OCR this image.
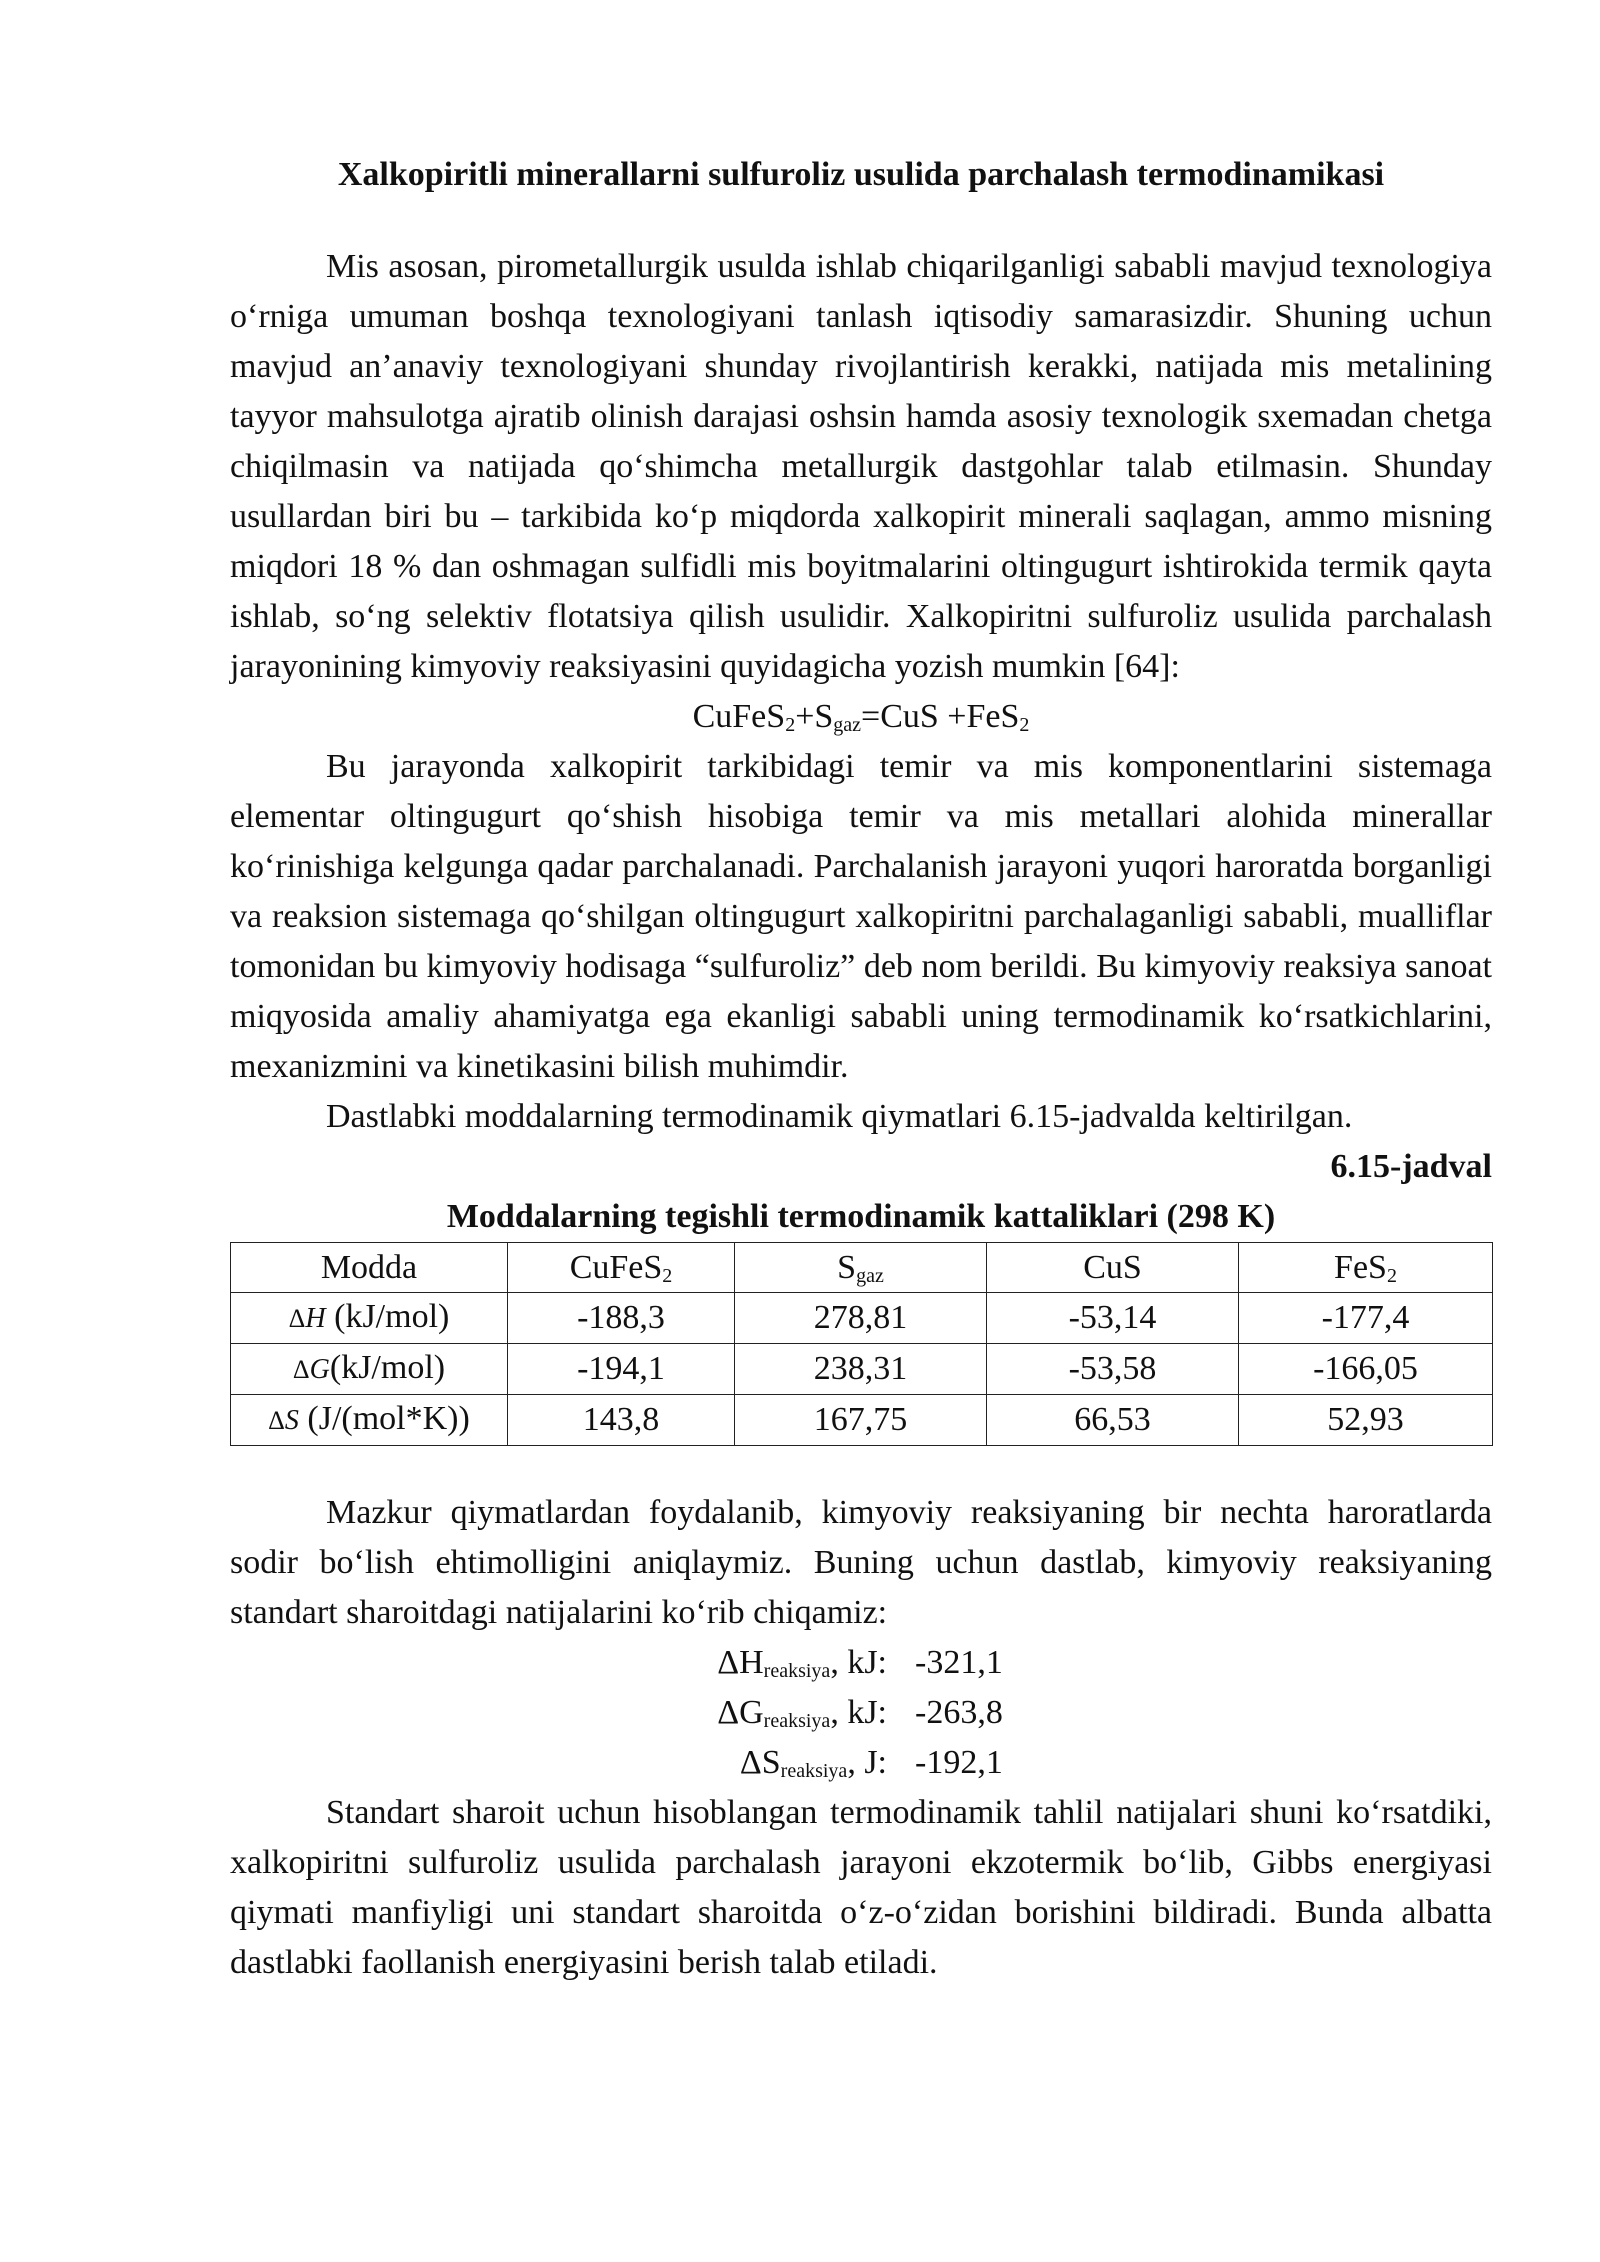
Xalkopiritli minerallarni sulfuroliz usulida parchalash termodinamikasi

Mis asosan, pirometallurgik usulda ishlab chiqarilganligi sababli mavjud texnologiya o‘rniga umuman boshqa texnologiyani tanlash iqtisodiy samarasizdir. Shuning uchun mavjud an’anaviy texnologiyani shunday rivojlantirish kerakki, natijada mis metalining tayyor mahsulotga ajratib olinish darajasi oshsin hamda asosiy texnologik sxemadan chetga chiqilmasin va natijada qo‘shimcha metallurgik dastgohlar talab etilmasin. Shunday usullardan biri bu – tarkibida ko‘p miqdorda xalkopirit minerali saqlagan, ammo misning miqdori 18 % dan oshmagan sulfidli mis boyitmalarini oltingugurt ishtirokida termik qayta ishlab, so‘ng selektiv flotatsiya qilish usulidir. Xalkopiritni sulfuroliz usulida parchalash jarayonining kimyoviy reaksiyasini quyidagicha yozish mumkin [64]:

$CuFeS_2+S_{gaz}=CuS +FeS_2$

Bu jarayonda xalkopirit tarkibidagi temir va mis komponentlarini sistemaga elementar oltingugurt qo‘shish hisobiga temir va mis metallari alohida minerallar ko‘rinishiga kelgunga qadar parchalanadi. Parchalanish jarayoni yuqori haroratda borganligi va reaksion sistemaga qo‘shilgan oltingugurt xalkopiritni parchalaganligi sababli, mualliflar tomonidan bu kimyoviy hodisaga “sulfuroliz” deb nom berildi. Bu kimyoviy reaksiya sanoat miqyosida amaliy ahamiyatga ega ekanligi sababli uning termodinamik ko‘rsatkichlarini, mexanizmini va kinetikasini bilish muhimdir.

Dastlabki moddalarning termodinamik qiymatlari 6.15-jadvalda keltirilgan.

6.15-jadval
Moddalarning tegishli termodinamik kattaliklari (298 K)
Modda	CuFeS$_2$	$S_{gaz}$	CuS	FeS$_2$
ΔH (kJ/mol)	-188,3	278,81	-53,14	-177,4
ΔG(kJ/mol)	-194,1	238,31	-53,58	-166,05
ΔS (J/(mol*K))	143,8	167,75	66,53	52,93

Mazkur qiymatlardan foydalanib, kimyoviy reaksiyaning bir nechta haroratlarda sodir bo‘lish ehtimolligini aniqlaymiz. Buning uchun dastlab, kimyoviy reaksiyaning standart sharoitdagi natijalarini ko‘rib chiqamiz:

$\Delta H_{reaksiya}$, kJ: -321,1
$\Delta G_{reaksiya}$, kJ: -263,8
$\Delta S_{reaksiya}$, J: -192,1

Standart sharoit uchun hisoblangan termodinamik tahlil natijalari shuni ko‘rsatdiki, xalkopiritni sulfuroliz usulida parchalash jarayoni ekzotermik bo‘lib, Gibbs energiyasi qiymati manfiyligi uni standart sharoitda o‘z-o‘zidan borishini bildiradi. Bunda albatta dastlabki faollanish energiyasini berish talab etiladi.
